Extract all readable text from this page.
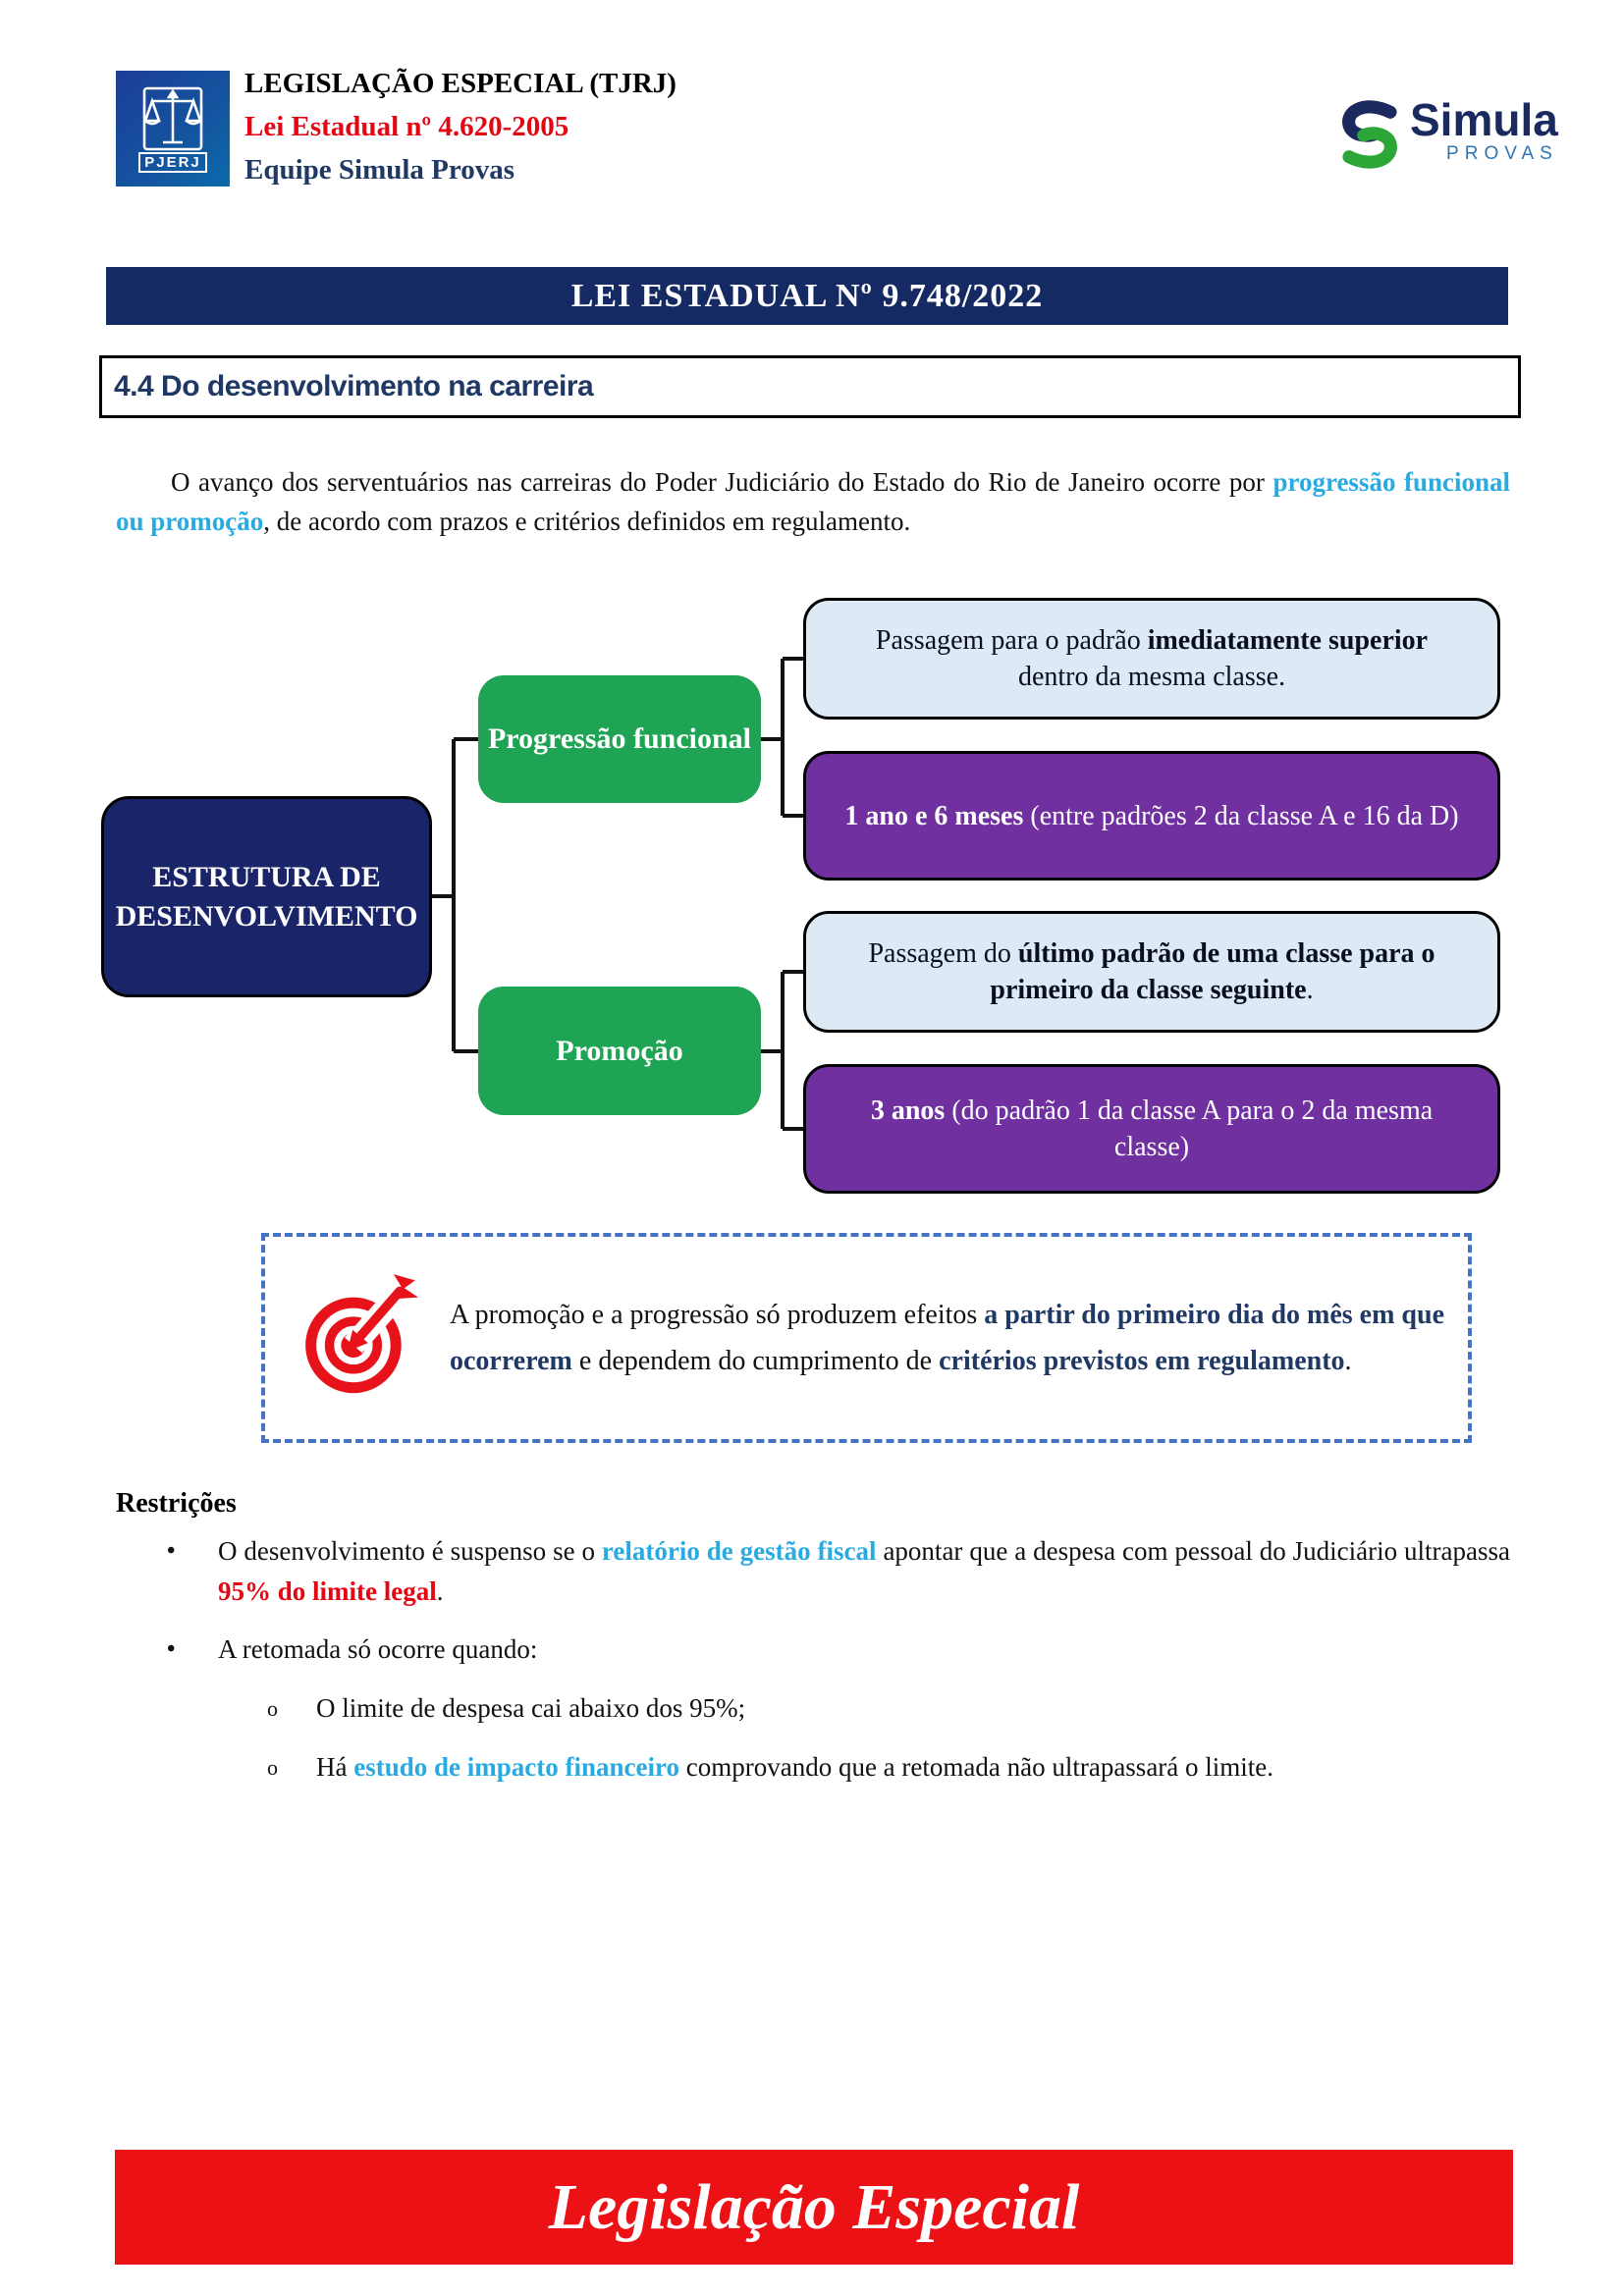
PJERJ
LEGISLAÇÃO ESPECIAL (TJRJ)
Lei Estadual nº 4.620-2005
Equipe Simula Provas
Simula
PROVAS
LEI ESTADUAL Nº 9.748/2022
4.4 Do desenvolvimento na carreira

O avanço dos serventuários nas carreiras do Poder Judiciário do Estado do Rio de Janeiro ocorre por progressão funcional ou promoção, de acordo com prazos e critérios definidos em regulamento.

ESTRUTURA DE DESENVOLVIMENTO
Progressão funcional
Promoção
Passagem para o padrão imediatamente superior dentro da mesma classe.
1 ano e 6 meses (entre padrões 2 da classe A e 16 da D)
Passagem do último padrão de uma classe para o primeiro da classe seguinte.
3 anos (do padrão 1 da classe A para o 2 da mesma classe)
A promoção e a progressão só produzem efeitos a partir do primeiro dia do mês em que ocorrerem e dependem do cumprimento de critérios previstos em regulamento.
Restrições
•	O desenvolvimento é suspenso se o relatório de gestão fiscal apontar que a despesa com pessoal do Judiciário ultrapassa 95% do limite legal.
•	A retomada só ocorre quando:
o	O limite de despesa cai abaixo dos 95%;
o	Há estudo de impacto financeiro comprovando que a retomada não ultrapassará o limite.
Legislação Especial
